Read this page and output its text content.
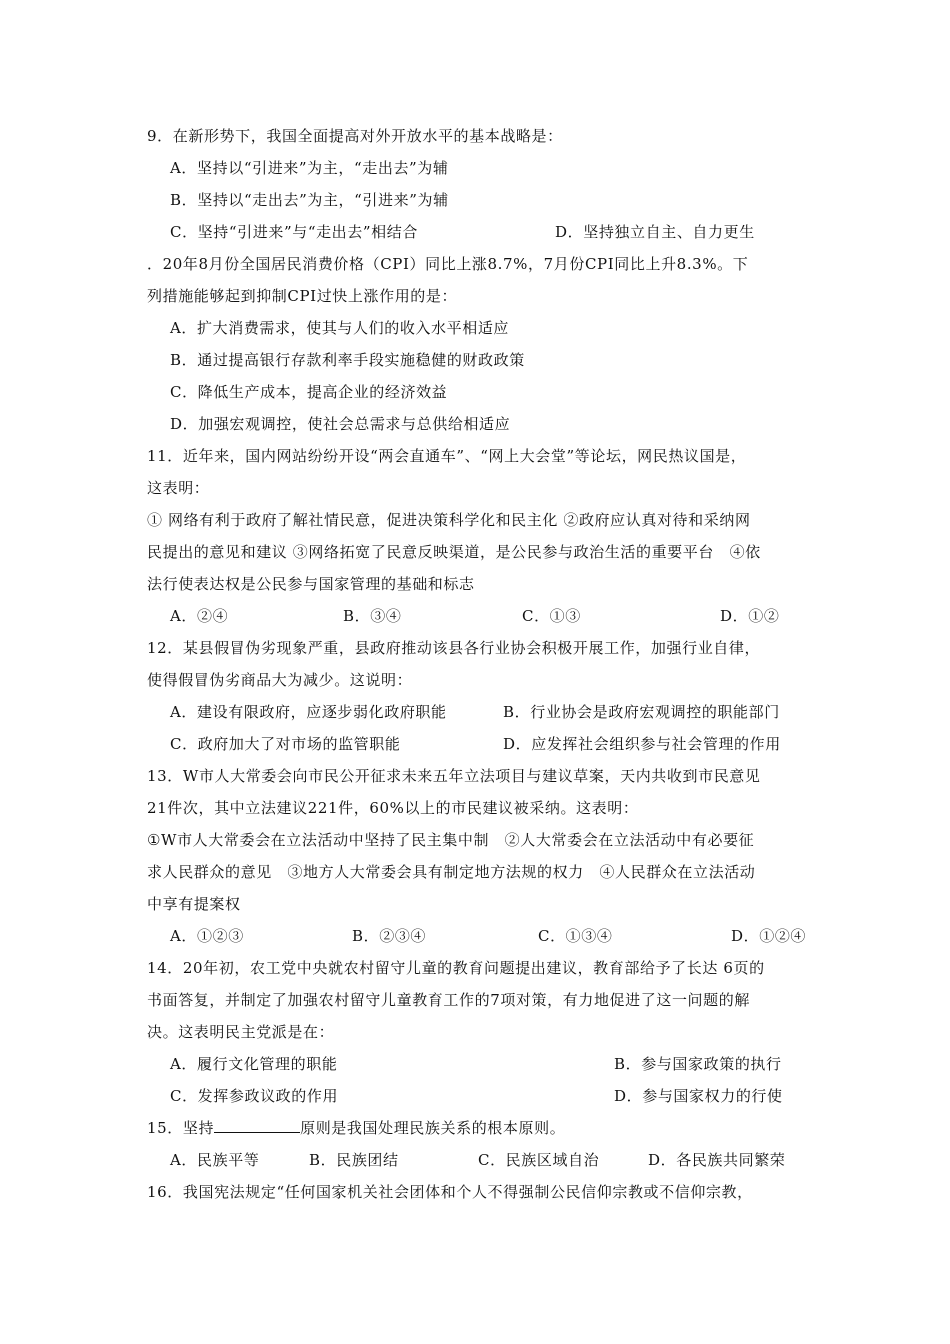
9．在新形势下，我国全面提高对外开放水平的基本战略是：
A．坚持以“引进来”为主，“走出去”为辅
B．坚持以“走出去”为主，“引进来”为辅
C．坚持“引进来”与“走出去”相结合	D．坚持独立自主、自力更生
．20年8月份全国居民消费价格（CPI）同比上涨8.7%，7月份CPI同比上升8.3%。下
列措施能够起到抑制CPI过快上涨作用的是：
A．扩大消费需求，使其与人们的收入水平相适应
B．通过提高银行存款利率手段实施稳健的财政政策
C．降低生产成本，提高企业的经济效益
D．加强宏观调控，使社会总需求与总供给相适应
11．近年来，国内网站纷纷开设“两会直通车”、“网上大会堂”等论坛，网民热议国是，
这表明：
① 网络有利于政府了解社情民意，促进决策科学化和民主化 ②政府应认真对待和采纳网
民提出的意见和建议 ③网络拓宽了民意反映渠道，是公民参与政治生活的重要平台　④依
法行使表达权是公民参与国家管理的基础和标志
A．②④	B．③④	C．①③	D．①②
12．某县假冒伪劣现象严重，县政府推动该县各行业协会积极开展工作，加强行业自律，
使得假冒伪劣商品大为减少。这说明：
A．建设有限政府，应逐步弱化政府职能	B．行业协会是政府宏观调控的职能部门
C．政府加大了对市场的监管职能	D．应发挥社会组织参与社会管理的作用
13．W市人大常委会向市民公开征求未来五年立法项目与建议草案，天内共收到市民意见
21件次，其中立法建议221件，60%以上的市民建议被采纳。这表明：
①W市人大常委会在立法活动中坚持了民主集中制　②人大常委会在立法活动中有必要征
求人民群众的意见　③地方人大常委会具有制定地方法规的权力　④人民群众在立法活动
中享有提案权
A．①②③	B．②③④	C．①③④	D．①②④
14．20年初，农工党中央就农村留守儿童的教育问题提出建议，教育部给予了长达 6页的
书面答复，并制定了加强农村留守儿童教育工作的7项对策，有力地促进了这一问题的解
决。这表明民主党派是在：
A．履行文化管理的职能	B．参与国家政策的执行
C．发挥参政议政的作用	D．参与国家权力的行使
15．坚持	原则是我国处理民族关系的根本原则。
A．民族平等	B．民族团结	C．民族区域自治	D．各民族共同繁荣
16．我国宪法规定“任何国家机关社会团体和个人不得强制公民信仰宗教或不信仰宗教，
